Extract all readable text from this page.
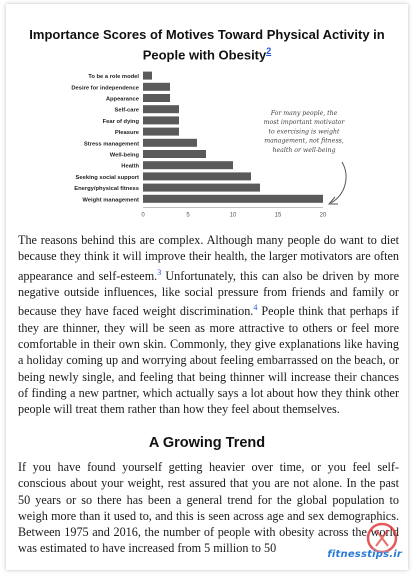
Importance Scores of Motives Toward Physical Activity in People with Obesity$^2$
To be a role model
Desire for independence
Appearance
Self-care
Fear of dying
Pleasure
Stress management
Well-being
Health
Seeking social support
Energy/physical fitness
Weight management
0	5	10	15	20
For many people, the most important motivator to exercising is weight management, not fitness, health or well-being

The reasons behind this are complex. Although many people do want to diet because they think it will improve their health, the larger motivators are often appearance and self-esteem.$^3$ Unfortunately, this can also be driven by more negative outside influences, like social pressure from friends and family or because they have faced weight discrimination.$^4$ People think that perhaps if they are thinner, they will be seen as more attractive to others or feel more comfortable in their own skin. Commonly, they give explanations like having a holiday coming up and worrying about feeling embarrassed on the beach, or being newly single, and feeling that being thinner will increase their chances of finding a new partner, which actually says a lot about how they think other people will treat them rather than how they feel about themselves.

A Growing Trend

If you have found yourself getting heavier over time, or you feel self-conscious about your weight, rest assured that you are not alone. In the past 50 years or so there has been a general trend for the global population to weigh more than it used to, and this is seen across age and sex demographics. Between 1975 and 2016, the number of people with obesity across the world was estimated to have increased from 5 million to 50	fitnesstips.ir
